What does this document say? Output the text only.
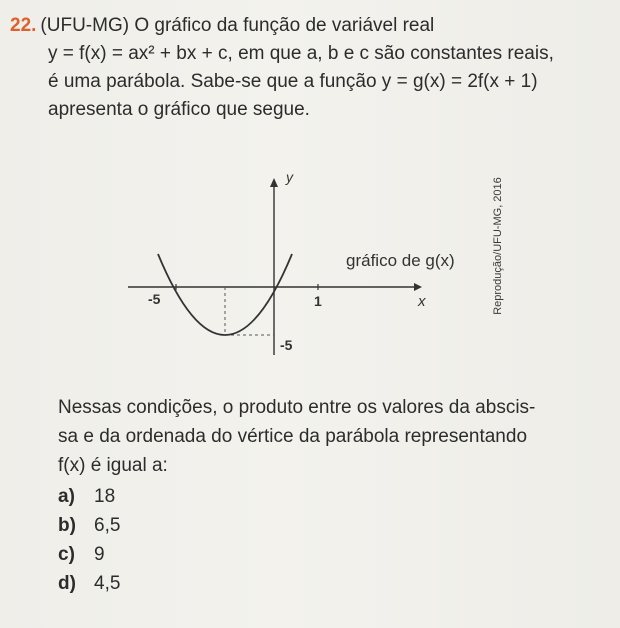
22. (UFU-MG) O gráfico da função de variável real
y = f(x) = ax² + bx + c, em que a, b e c são constantes reais,
é uma parábola. Sabe-se que a função y = g(x) = 2f(x + 1)
apresenta o gráfico que segue.
y
x
-5	1
-5
gráfico de g(x)	Reprodução/UFU-MG, 2016
Nessas condições, o produto entre os valores da abscis-
sa e da ordenada do vértice da parábola representando
f(x) é igual a:
a)	18
b) 6,5
c)	9
d) 4,5
